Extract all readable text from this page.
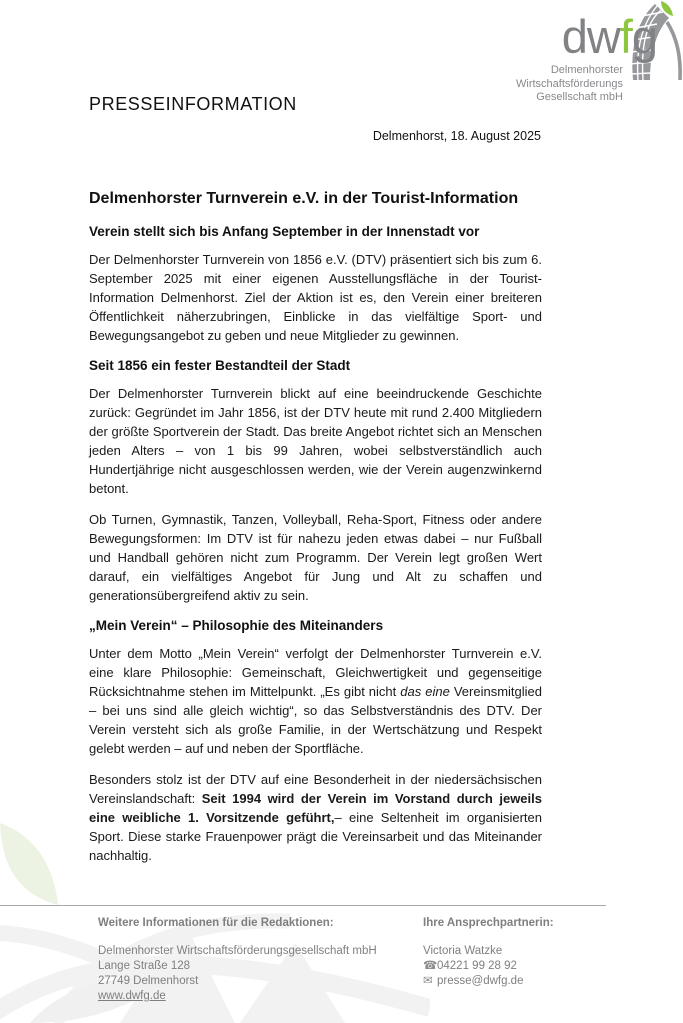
dwfg
Delmenhorster
Wirtschaftsförderungs
Gesellschaft mbH
PRESSEINFORMATION
Delmenhorst, 18. August 2025
Delmenhorster Turnverein e.V. in der Tourist-Information
Verein stellt sich bis Anfang September in der Innenstadt vor

Der Delmenhorster Turnverein von 1856 e.V. (DTV) präsentiert sich bis zum 6. September 2025 mit einer eigenen Ausstellungsfläche in der Tourist-Information Delmenhorst. Ziel der Aktion ist es, den Verein einer breiteren Öffentlichkeit näherzubringen, Einblicke in das vielfältige Sport- und Bewegungsangebot zu geben und neue Mitglieder zu gewinnen.

Seit 1856 ein fester Bestandteil der Stadt

Der Delmenhorster Turnverein blickt auf eine beeindruckende Geschichte zurück: Gegründet im Jahr 1856, ist der DTV heute mit rund 2.400 Mitgliedern der größte Sportverein der Stadt. Das breite Angebot richtet sich an Menschen jeden Alters – von 1 bis 99 Jahren, wobei selbstverständlich auch Hundertjährige nicht ausgeschlossen werden, wie der Verein augenzwinkernd betont.

Ob Turnen, Gymnastik, Tanzen, Volleyball, Reha-Sport, Fitness oder andere Bewegungsformen: Im DTV ist für nahezu jeden etwas dabei – nur Fußball und Handball gehören nicht zum Programm. Der Verein legt großen Wert darauf, ein vielfältiges Angebot für Jung und Alt zu schaffen und generationsübergreifend aktiv zu sein.

„Mein Verein“ – Philosophie des Miteinanders

Unter dem Motto „Mein Verein“ verfolgt der Delmenhorster Turnverein e.V. eine klare Philosophie: Gemeinschaft, Gleichwertigkeit und gegenseitige Rücksichtnahme stehen im Mittelpunkt. „Es gibt nicht das eine Vereinsmitglied – bei uns sind alle gleich wichtig“, so das Selbstverständnis des DTV. Der Verein versteht sich als große Familie, in der Wertschätzung und Respekt gelebt werden – auf und neben der Sportfläche.

Besonders stolz ist der DTV auf eine Besonderheit in der niedersächsischen Vereinslandschaft: Seit 1994 wird der Verein im Vorstand durch jeweils eine weibliche 1. Vorsitzende geführt,– eine Seltenheit im organisierten Sport. Diese starke Frauenpower prägt die Vereinsarbeit und das Miteinander nachhaltig.

Weitere Informationen für die Redaktionen:
Delmenhorster Wirtschaftsförderungsgesellschaft mbH
Lange Straße 128
27749 Delmenhorst
www.dwfg.de
Ihre Ansprechpartnerin:
Victoria Watzke
☎04221 99 28 92
✉ presse@dwfg.de
